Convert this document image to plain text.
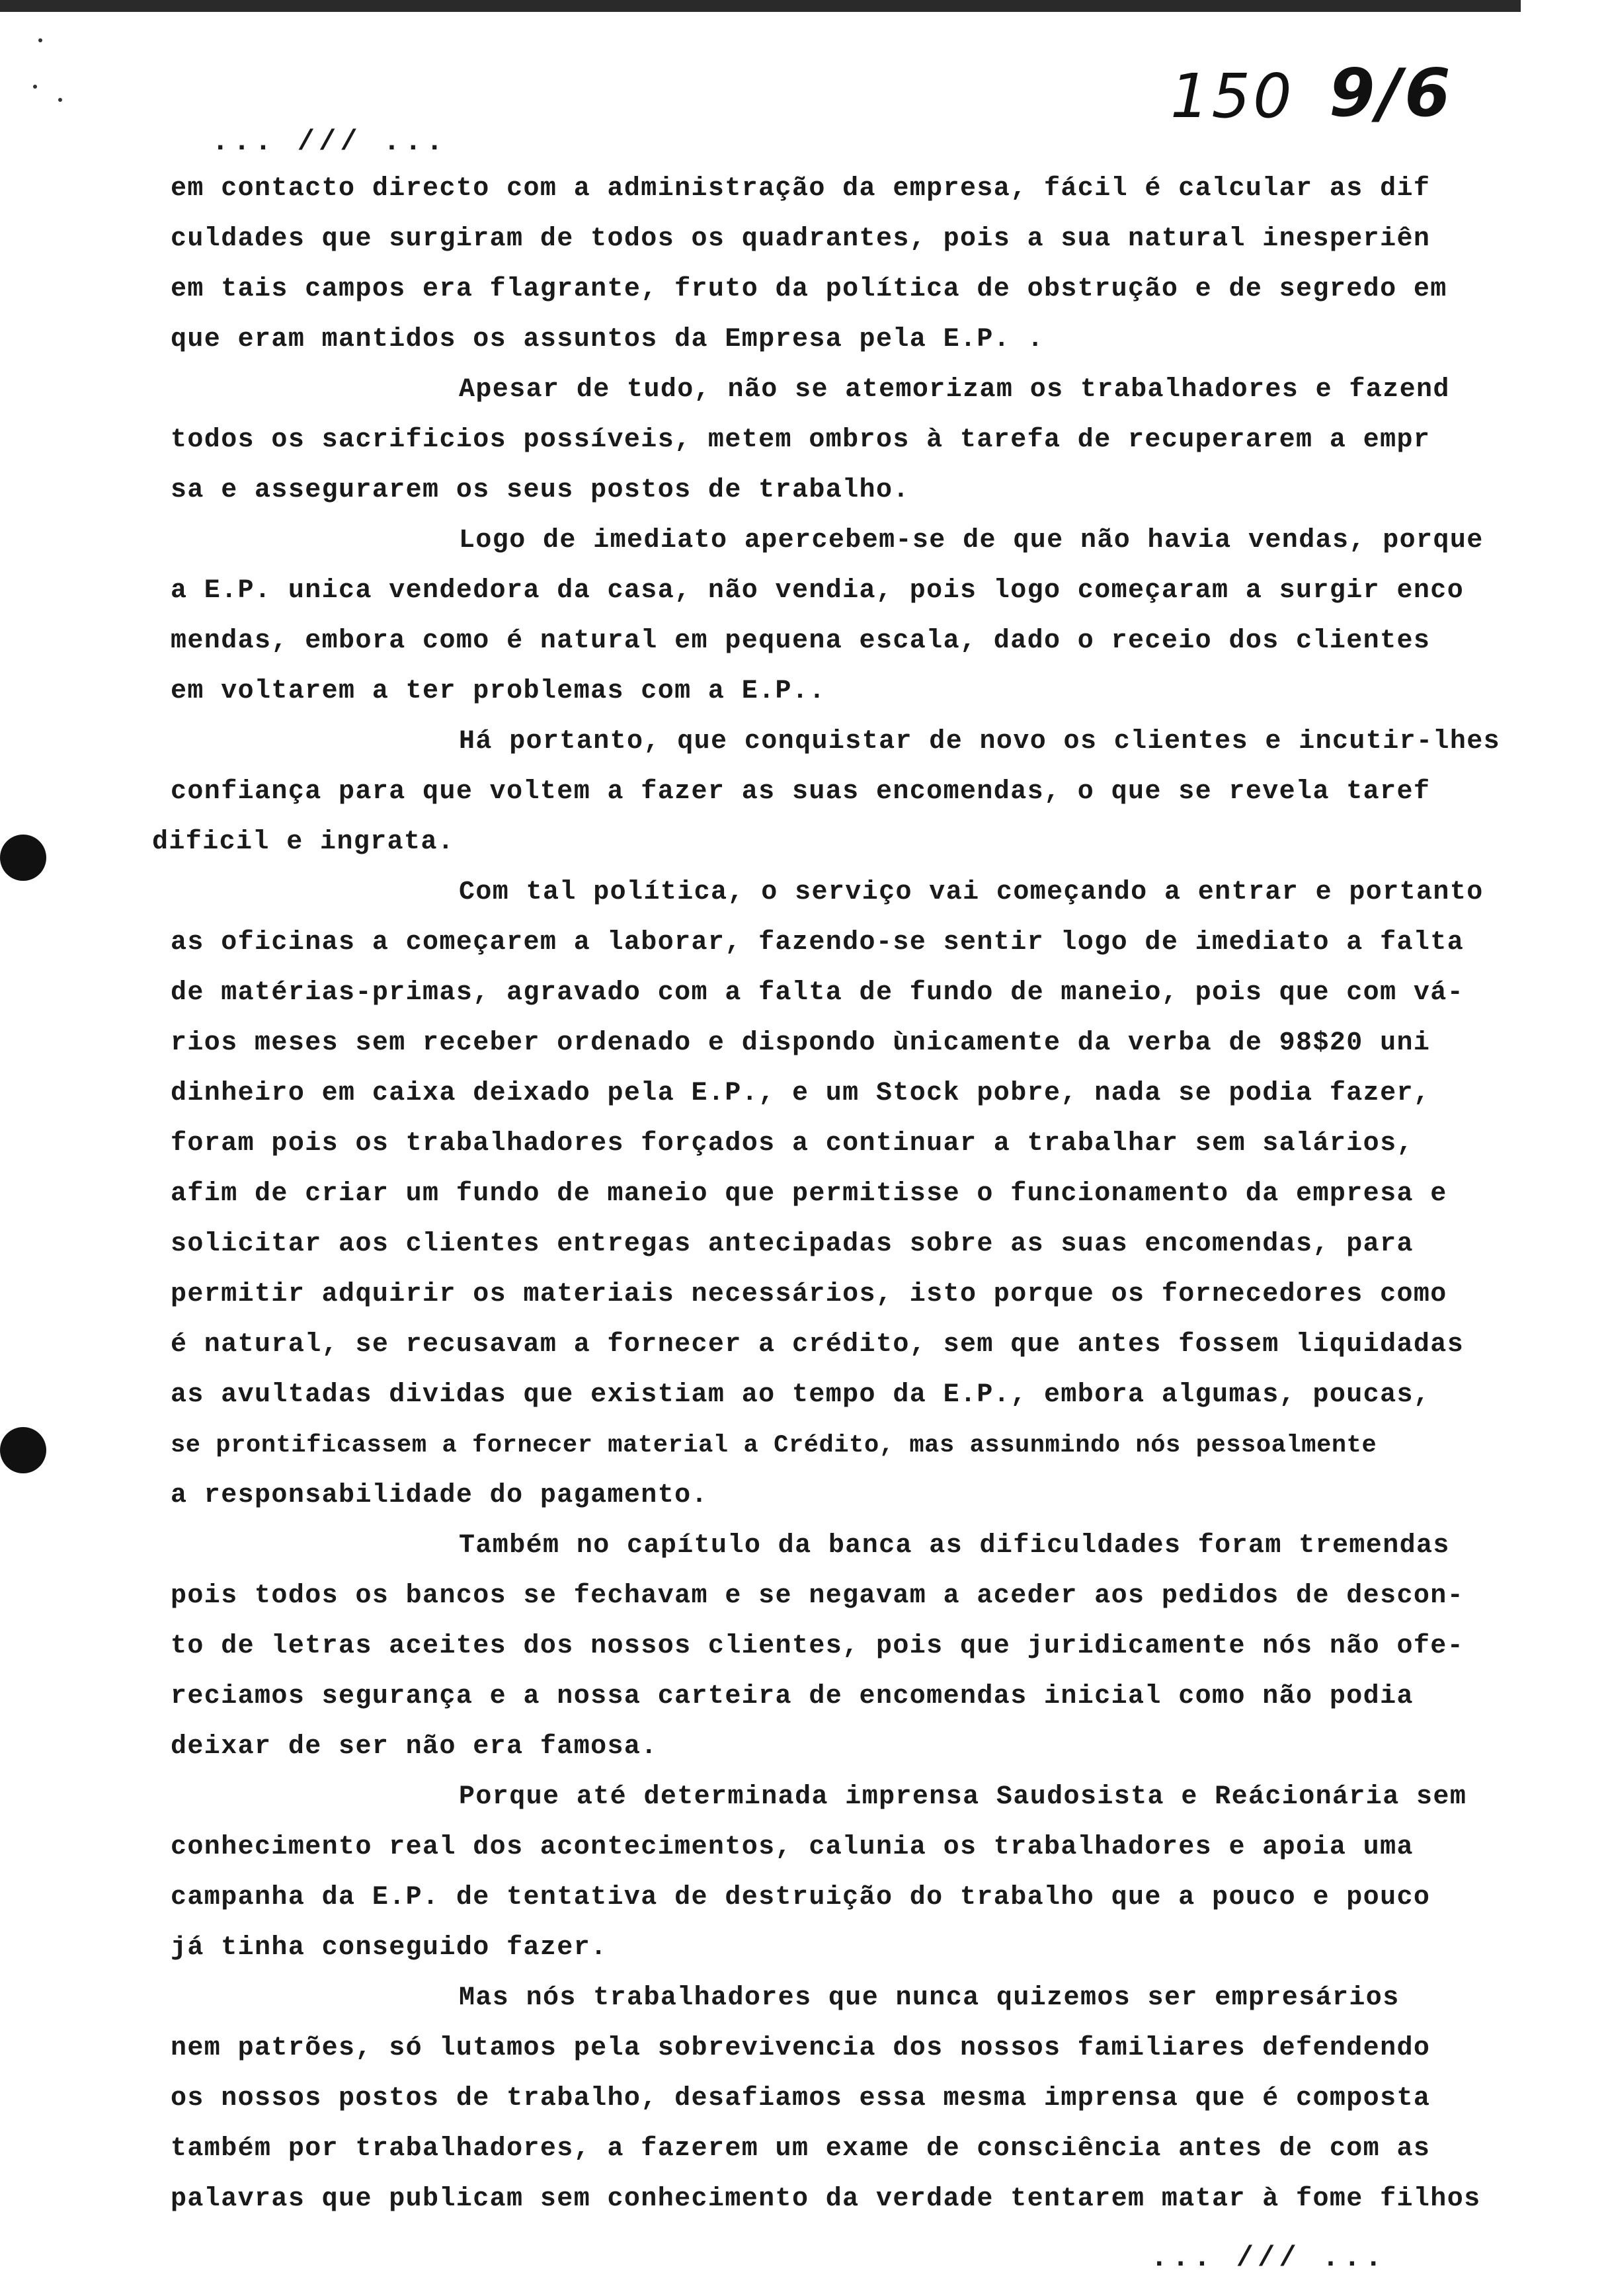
150 9/6
... /// ...
em contacto directo com a administração da empresa, fácil é calcular as dif
culdades que surgiram de todos os quadrantes, pois a sua natural inesperiên
em tais campos era flagrante, fruto da política de obstrução e de segredo em
que eram mantidos os assuntos da Empresa pela E.P. .
Apesar de tudo, não se atemorizam os trabalhadores e fazend
todos os sacrificios possíveis, metem ombros à tarefa de recuperarem a empr
sa e assegurarem os seus postos de trabalho.
Logo de imediato apercebem-se de que não havia vendas, porque
a E.P. unica vendedora da casa, não vendia, pois logo começaram a surgir enco
mendas, embora como é natural em pequena escala, dado o receio dos clientes
em voltarem a ter problemas com a E.P..
Há portanto, que conquistar de novo os clientes e incutir-lhes
confiança para que voltem a fazer as suas encomendas, o que se revela taref
dificil e ingrata.
Com tal política, o serviço vai começando a entrar e portanto
as oficinas a começarem a laborar, fazendo-se sentir logo de imediato a falta
de matérias-primas, agravado com a falta de fundo de maneio, pois que com vá-
rios meses sem receber ordenado e dispondo ùnicamente da verba de 98$20 uni
dinheiro em caixa deixado pela E.P., e um Stock pobre, nada se podia fazer,
foram pois os trabalhadores forçados a continuar a trabalhar sem salários,
afim de criar um fundo de maneio que permitisse o funcionamento da empresa e
solicitar aos clientes entregas antecipadas sobre as suas encomendas, para
permitir adquirir os materiais necessários, isto porque os fornecedores como
é natural, se recusavam a fornecer a crédito, sem que antes fossem liquidadas
as avultadas dividas que existiam ao tempo da E.P., embora algumas, poucas,
se prontificassem a fornecer material a Crédito, mas assunmindo nós pessoalmente
a responsabilidade do pagamento.
Também no capítulo da banca as dificuldades foram tremendas
pois todos os bancos se fechavam e se negavam a aceder aos pedidos de descon-
to de letras aceites dos nossos clientes, pois que juridicamente nós não ofe-
reciamos segurança e a nossa carteira de encomendas inicial como não podia
deixar de ser não era famosa.
Porque até determinada imprensa Saudosista e Reácionária sem
conhecimento real dos acontecimentos, calunia os trabalhadores e apoia uma
campanha da E.P. de tentativa de destruição do trabalho que a pouco e pouco
já tinha conseguido fazer.
Mas nós trabalhadores que nunca quizemos ser empresários
nem patrões, só lutamos pela sobrevivencia dos nossos familiares defendendo
os nossos postos de trabalho, desafiamos essa mesma imprensa que é composta
também por trabalhadores, a fazerem um exame de consciência antes de com as
palavras que publicam sem conhecimento da verdade tentarem matar à fome filhos
... /// ...
